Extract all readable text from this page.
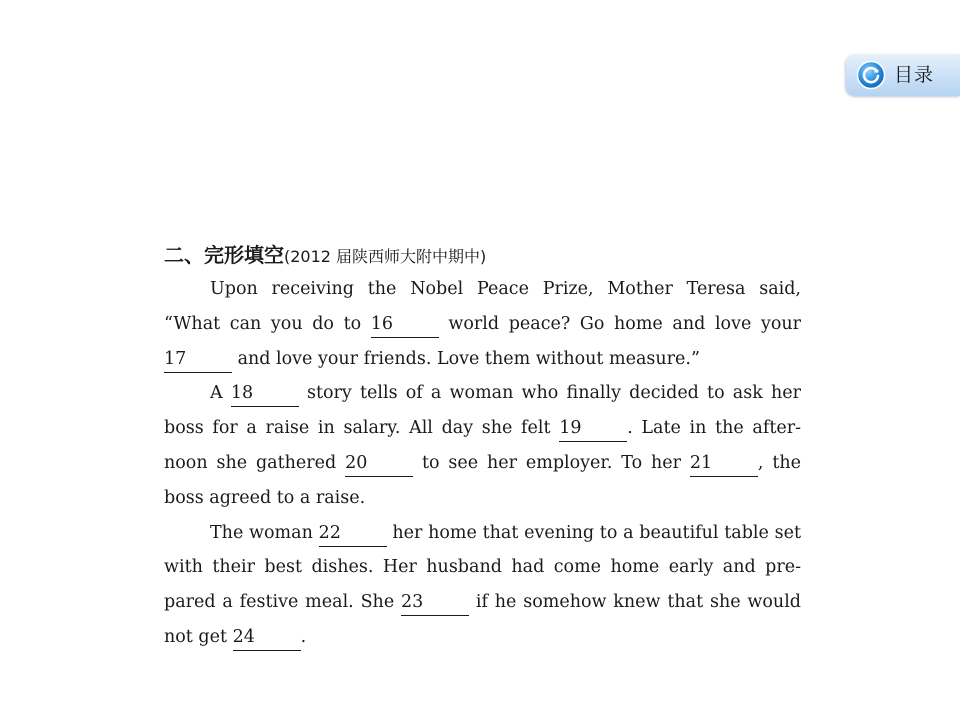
目录
二、完形填空(2012 届陕西师大附中期中)
Upon receiving the Nobel Peace Prize, Mother Teresa said,
“What can you do to 16	world peace? Go home and love your
17	and love your friends. Love them without measure.”
A 18	story tells of a woman who finally decided to ask her
boss for a raise in salary. All day she felt 19	. Late in the after-
noon she gathered 20	to see her employer. To her 21	, the
boss agreed to a raise.
The woman 22	her home that evening to a beautiful table set
with their best dishes. Her husband had come home early and pre-
pared a festive meal. She 23	if he somehow knew that she would
not get 24	.
